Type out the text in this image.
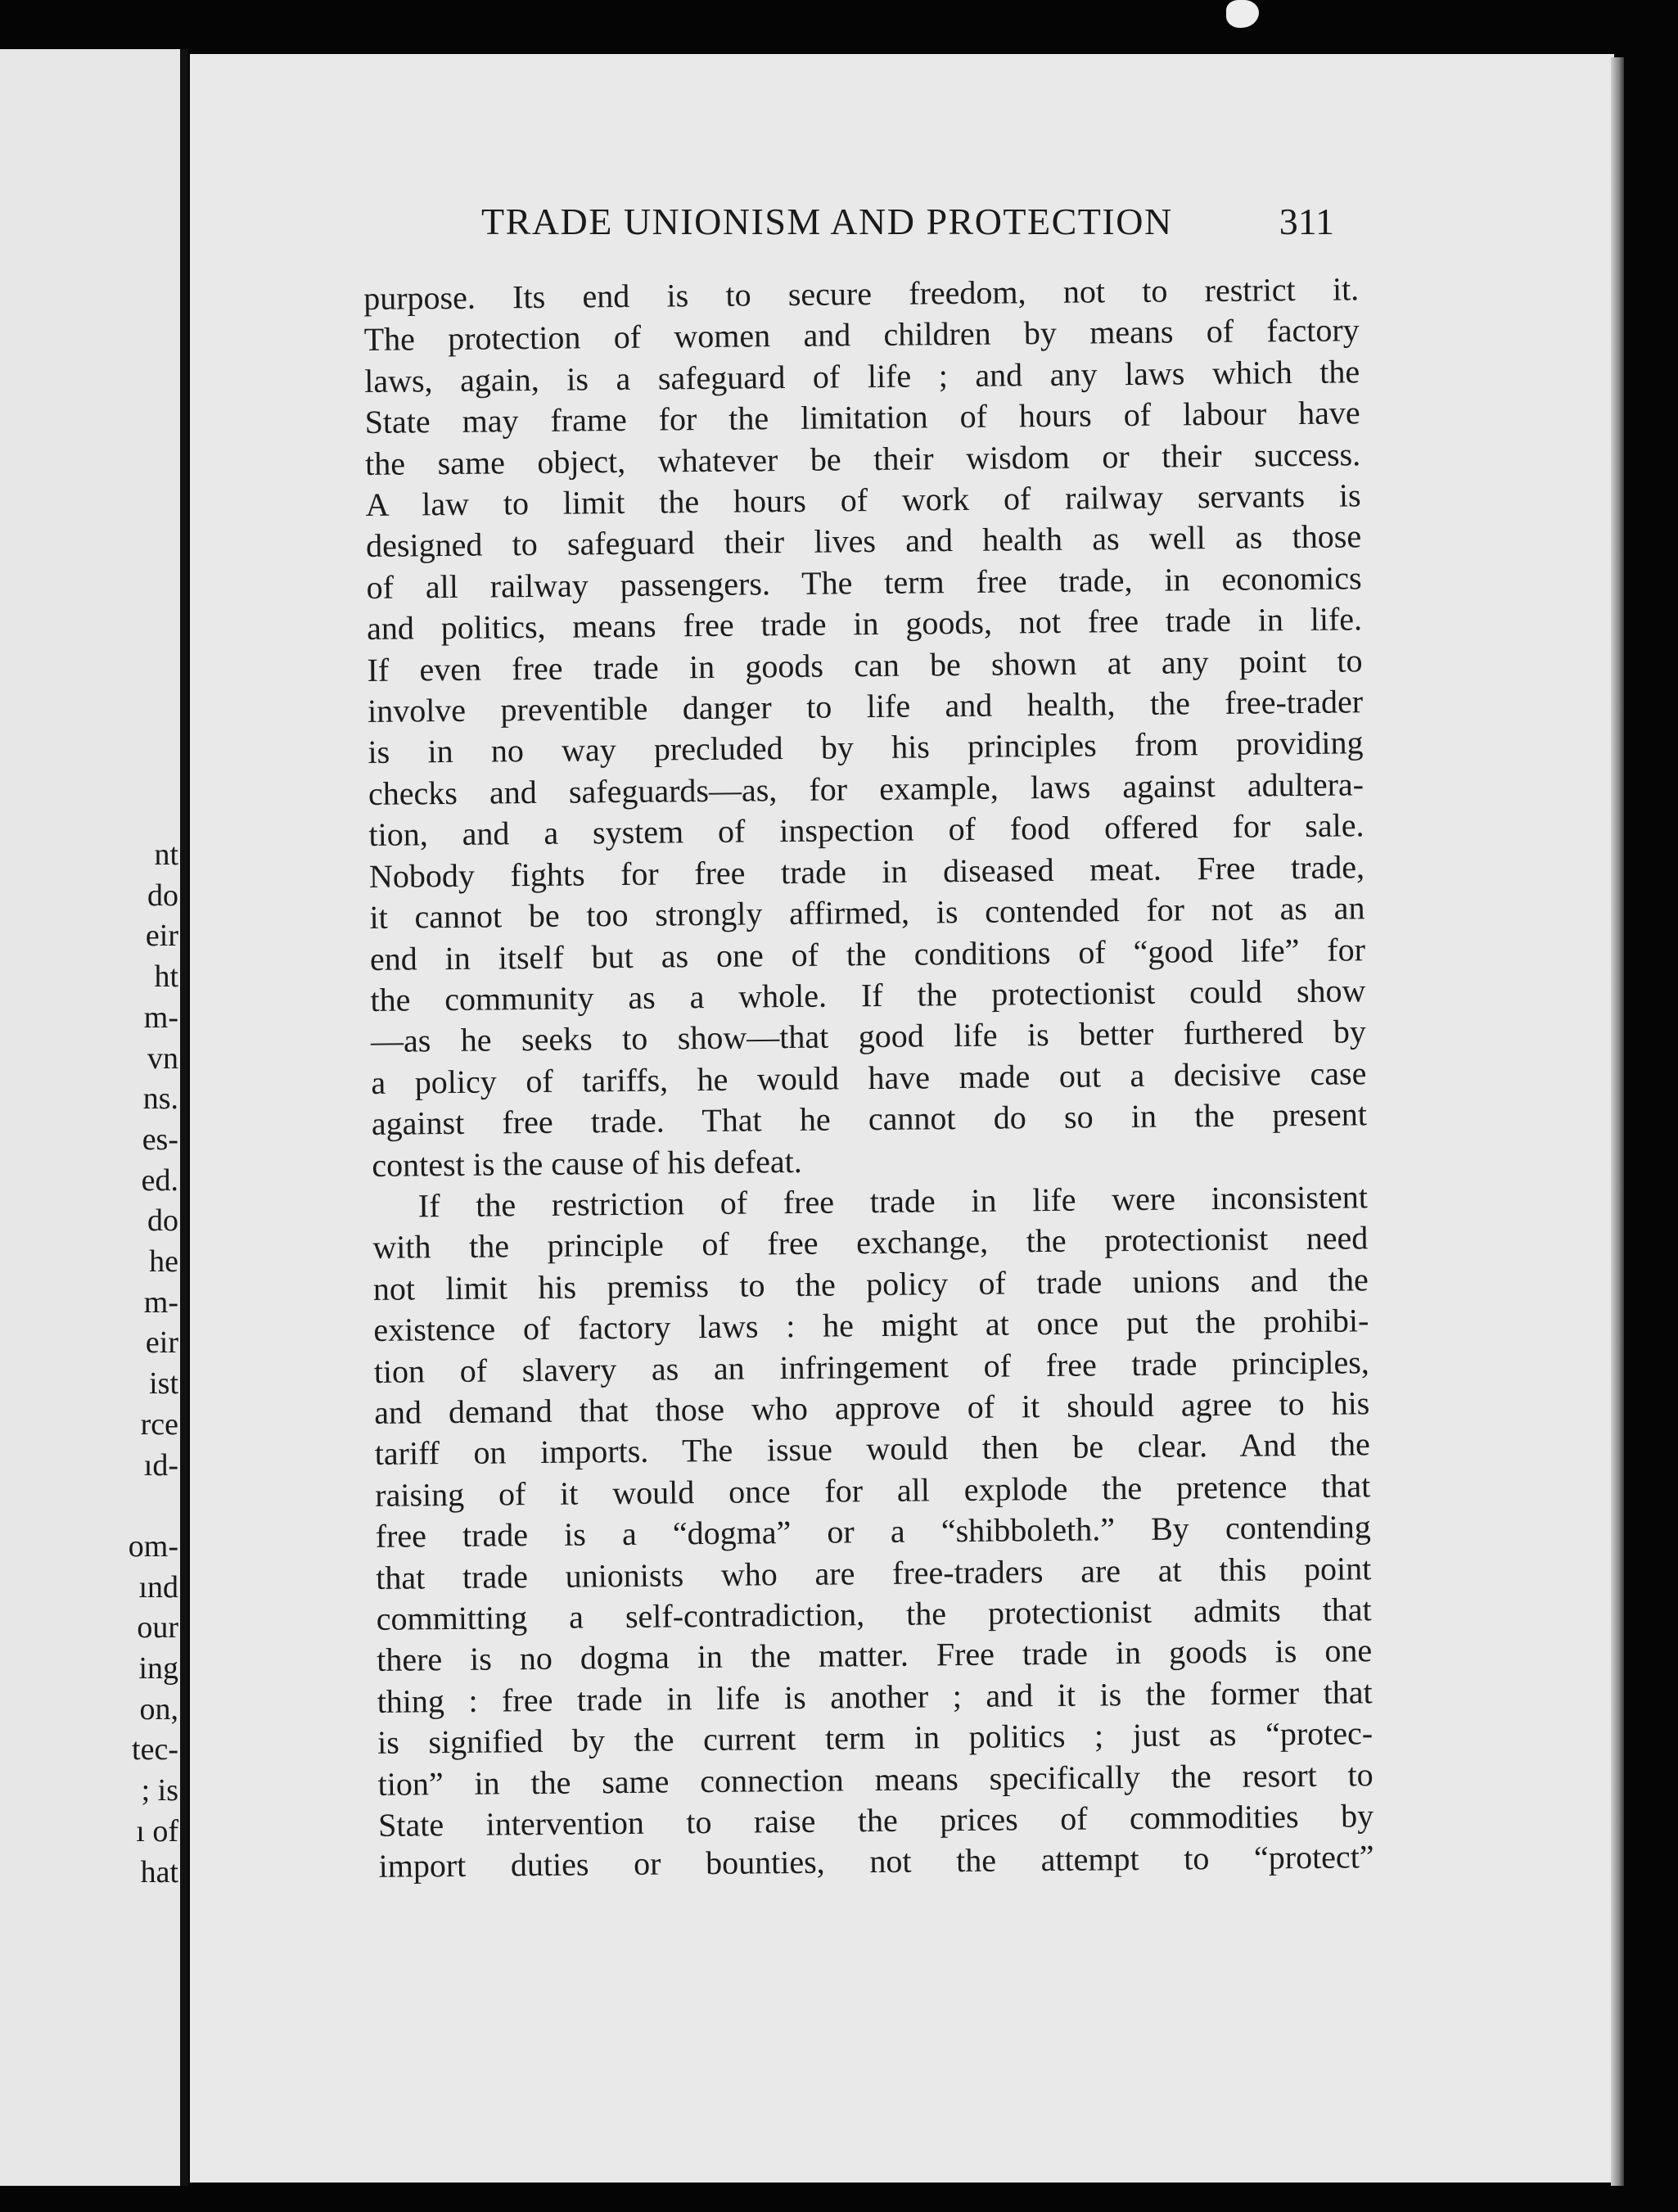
nt
do
eir
ht
m-
vn
ns.
es-
ed.
do
he
m-
eir
ist
rce
ıd-
om-
ınd
our
ing
on,
tec-
; is
ı of
hat
TRADE UNIONISM AND PROTECTION	311
purpose. Its end is to secure freedom, not to restrict it.
The protection of women and children by means of factory
laws, again, is a safeguard of life ; and any laws which the
State may frame for the limitation of hours of labour have
the same object, whatever be their wisdom or their success.
A law to limit the hours of work of railway servants is
designed to safeguard their lives and health as well as those
of all railway passengers. The term free trade, in economics
and politics, means free trade in goods, not free trade in life.
If even free trade in goods can be shown at any point to
involve preventible danger to life and health, the free-trader
is in no way precluded by his principles from providing
checks and safeguards—as, for example, laws against adultera-
tion, and a system of inspection of food offered for sale.
Nobody fights for free trade in diseased meat. Free trade,
it cannot be too strongly affirmed, is contended for not as an
end in itself but as one of the conditions of “good life” for
the community as a whole. If the protectionist could show
—as he seeks to show—that good life is better furthered by
a policy of tariffs, he would have made out a decisive case
against free trade. That he cannot do so in the present
contest is the cause of his defeat.
If the restriction of free trade in life were inconsistent
with the principle of free exchange, the protectionist need
not limit his premiss to the policy of trade unions and the
existence of factory laws : he might at once put the prohibi-
tion of slavery as an infringement of free trade principles,
and demand that those who approve of it should agree to his
tariff on imports. The issue would then be clear. And the
raising of it would once for all explode the pretence that
free trade is a “dogma” or a “shibboleth.” By contending
that trade unionists who are free-traders are at this point
committing a self-contradiction, the protectionist admits that
there is no dogma in the matter. Free trade in goods is one
thing : free trade in life is another ; and it is the former that
is signified by the current term in politics ; just as “protec-
tion” in the same connection means specifically the resort to
State intervention to raise the prices of commodities by
import duties or bounties, not the attempt to “protect”
